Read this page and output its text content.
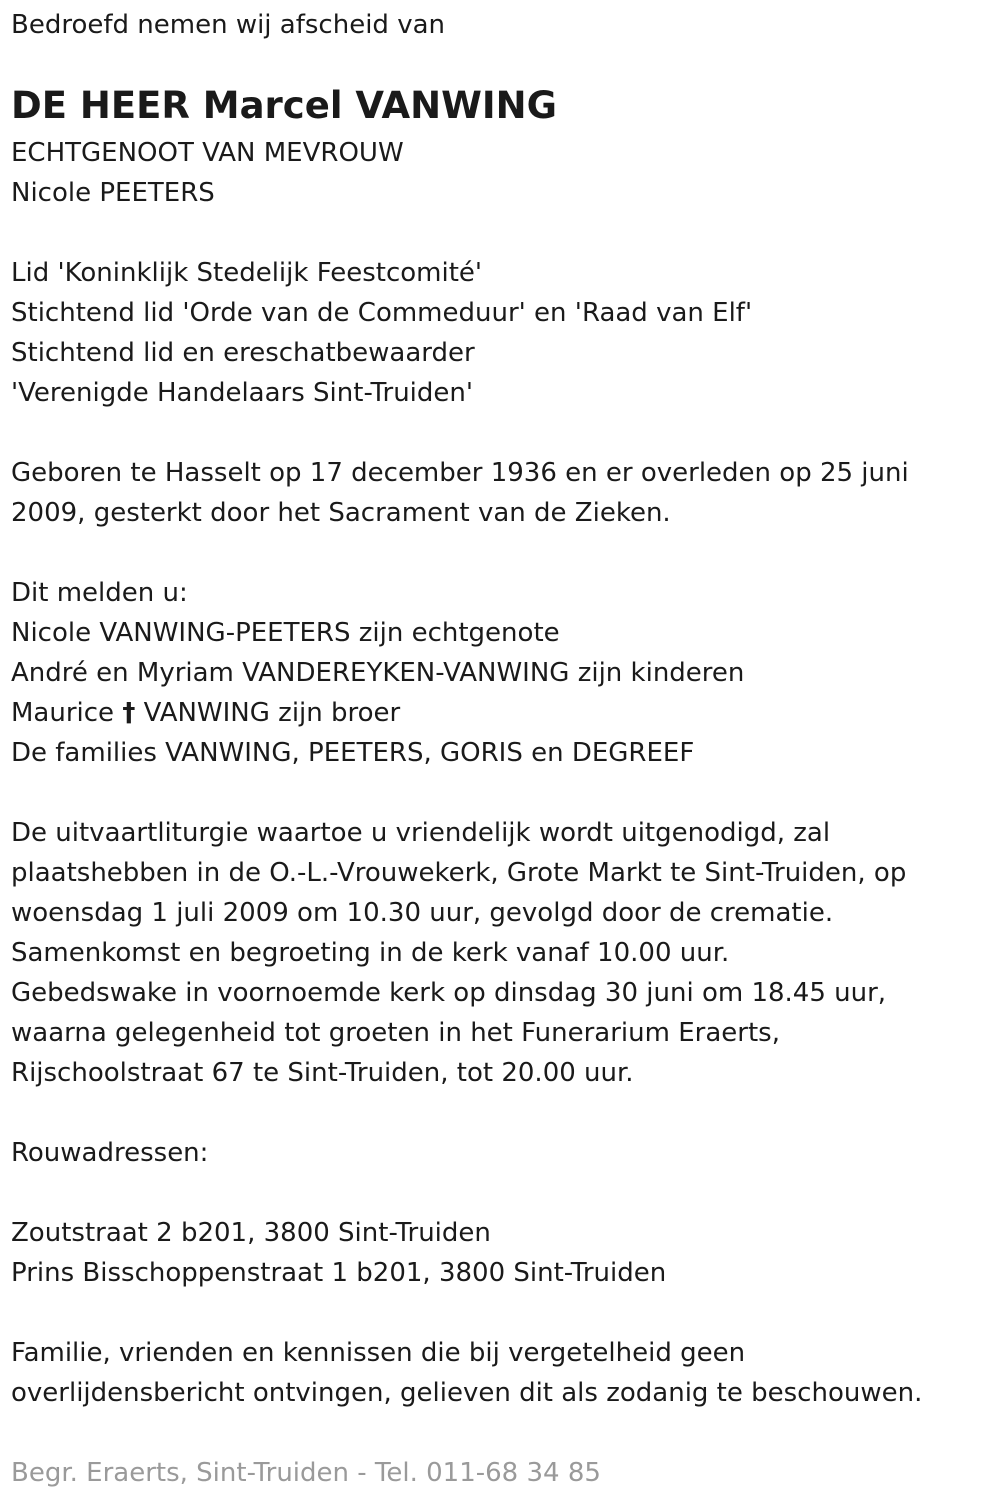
Bedroefd nemen wij afscheid van

DE HEER Marcel VANWING

ECHTGENOOT VAN MEVROUW

Nicole PEETERS

Lid 'Koninklijk Stedelijk Feestcomité'

Stichtend lid 'Orde van de Commeduur' en 'Raad van Elf'

Stichtend lid en ereschatbewaarder

'Verenigde Handelaars Sint-Truiden'

Geboren te Hasselt op 17 december 1936 en er overleden op 25 juni

2009, gesterkt door het Sacrament van de Zieken.

Dit melden u:

Nicole VANWING-PEETERS zijn echtgenote

André en Myriam VANDEREYKEN-VANWING zijn kinderen

Maurice † VANWING zijn broer

De families VANWING, PEETERS, GORIS en DEGREEF

De uitvaartliturgie waartoe u vriendelijk wordt uitgenodigd, zal

plaatshebben in de O.-L.-Vrouwekerk, Grote Markt te Sint-Truiden, op

woensdag 1 juli 2009 om 10.30 uur, gevolgd door de crematie.

Samenkomst en begroeting in de kerk vanaf 10.00 uur.

Gebedswake in voornoemde kerk op dinsdag 30 juni om 18.45 uur,

waarna gelegenheid tot groeten in het Funerarium Eraerts,

Rijschoolstraat 67 te Sint-Truiden, tot 20.00 uur.

Rouwadressen:

Zoutstraat 2 b201, 3800 Sint-Truiden

Prins Bisschoppenstraat 1 b201, 3800 Sint-Truiden

Familie, vrienden en kennissen die bij vergetelheid geen

overlijdensbericht ontvingen, gelieven dit als zodanig te beschouwen.

Begr. Eraerts, Sint-Truiden - Tel. 011-68 34 85
